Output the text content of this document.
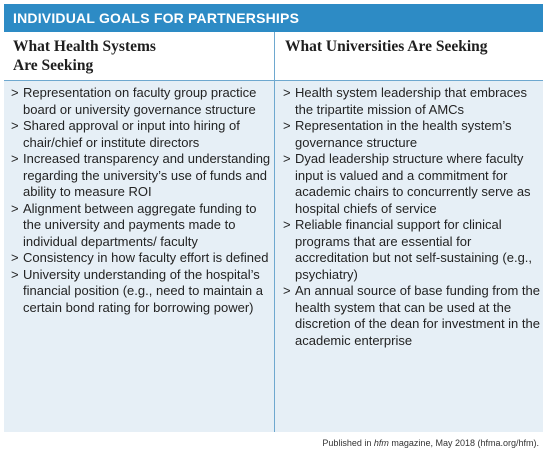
INDIVIDUAL GOALS FOR PARTNERSHIPS
What Health Systems
Are Seeking
What Universities Are Seeking
> Representation on faculty group practice board or university governance structure
> Shared approval or input into hiring of chair/chief or institute directors
> Increased transparency and understanding regarding the university’s use of funds and ability to measure ROI
> Alignment between aggregate funding to the university and payments made to individual departments/ faculty
> Consistency in how faculty effort is defined
> University understanding of the hospital’s financial position (e.g., need to maintain a certain bond rating for borrowing power)
> Health system leadership that embraces the tripartite mission of AMCs
> Representation in the health system’s governance structure
> Dyad leadership structure where faculty input is valued and a commitment for academic chairs to concurrently serve as hospital chiefs of service
> Reliable financial support for clinical programs that are essential for accreditation but not self-sustaining (e.g., psychiatry)
> An annual source of base funding from the health system that can be used at the discretion of the dean for investment in the academic enterprise
Published in hfm magazine, May 2018 (hfma.org/hfm).
